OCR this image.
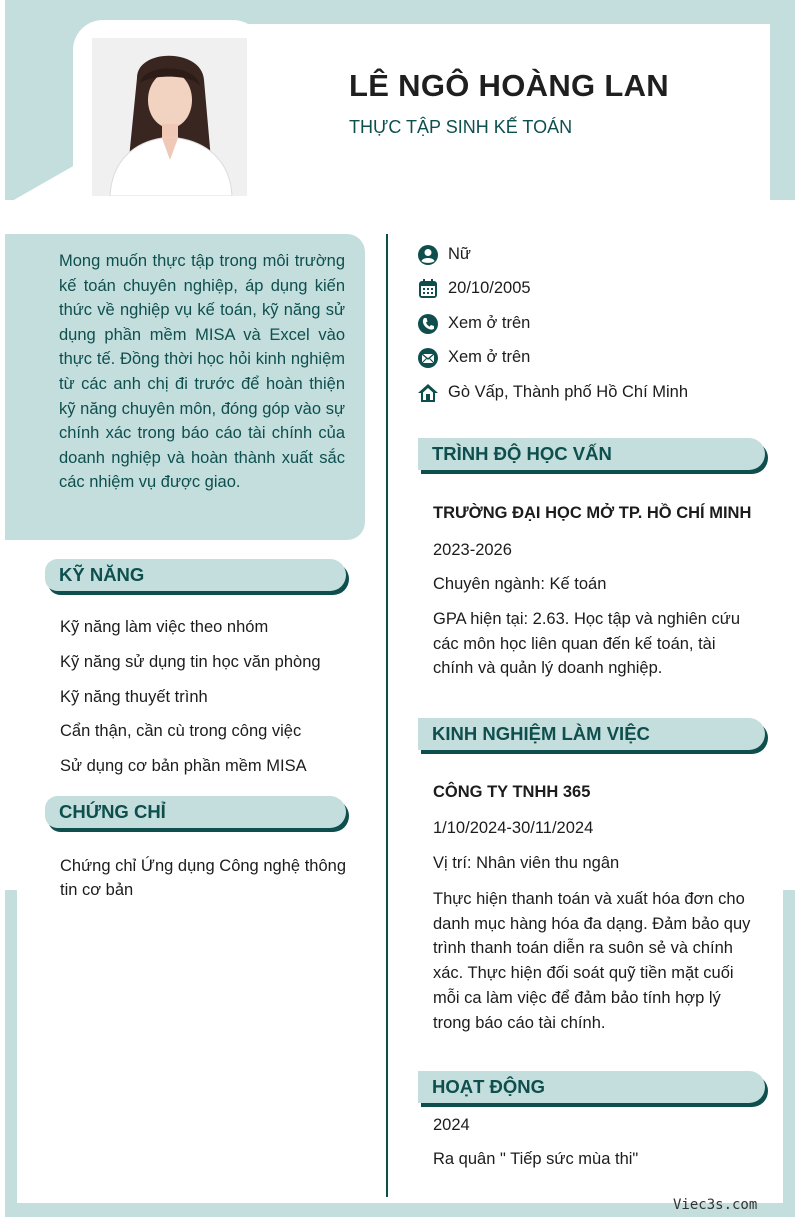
LÊ NGÔ HOÀNG LAN
THỰC TẬP SINH KẾ TOÁN
Mong muốn thực tập trong môi trường kế toán chuyên nghiệp, áp dụng kiến thức về nghiệp vụ kế toán, kỹ năng sử dụng phần mềm MISA và Excel vào thực tế. Đồng thời học hỏi kinh nghiệm từ các anh chị đi trước để hoàn thiện kỹ năng chuyên môn, đóng góp vào sự chính xác trong báo cáo tài chính của doanh nghiệp và hoàn thành xuất sắc các nhiệm vụ được giao.
Nữ
20/10/2005
Xem ở trên
Xem ở trên
Gò Vấp, Thành phố Hồ Chí Minh
KỸ NĂNG
Kỹ năng làm việc theo nhóm
Kỹ năng sử dụng tin học văn phòng
Kỹ năng thuyết trình
Cẩn thận, cần cù trong công việc
Sử dụng cơ bản phần mềm MISA
CHỨNG CHỈ
Chứng chỉ Ứng dụng Công nghệ thông tin cơ bản
TRÌNH ĐỘ HỌC VẤN
TRƯỜNG ĐẠI HỌC MỞ TP. HỒ CHÍ MINH
2023-2026
Chuyên ngành: Kế toán
GPA hiện tại: 2.63. Học tập và nghiên cứu các môn học liên quan đến kế toán, tài chính và quản lý doanh nghiệp.
KINH NGHIỆM LÀM VIỆC
CÔNG TY TNHH 365
1/10/2024-30/11/2024
Vị trí: Nhân viên thu ngân
Thực hiện thanh toán và xuất hóa đơn cho danh mục hàng hóa đa dạng. Đảm bảo quy trình thanh toán diễn ra suôn sẻ và chính xác. Thực hiện đối soát quỹ tiền mặt cuối mỗi ca làm việc để đảm bảo tính hợp lý trong báo cáo tài chính.
HOẠT ĐỘNG
2024
Ra quân " Tiếp sức mùa thi"
Viec3s.com
